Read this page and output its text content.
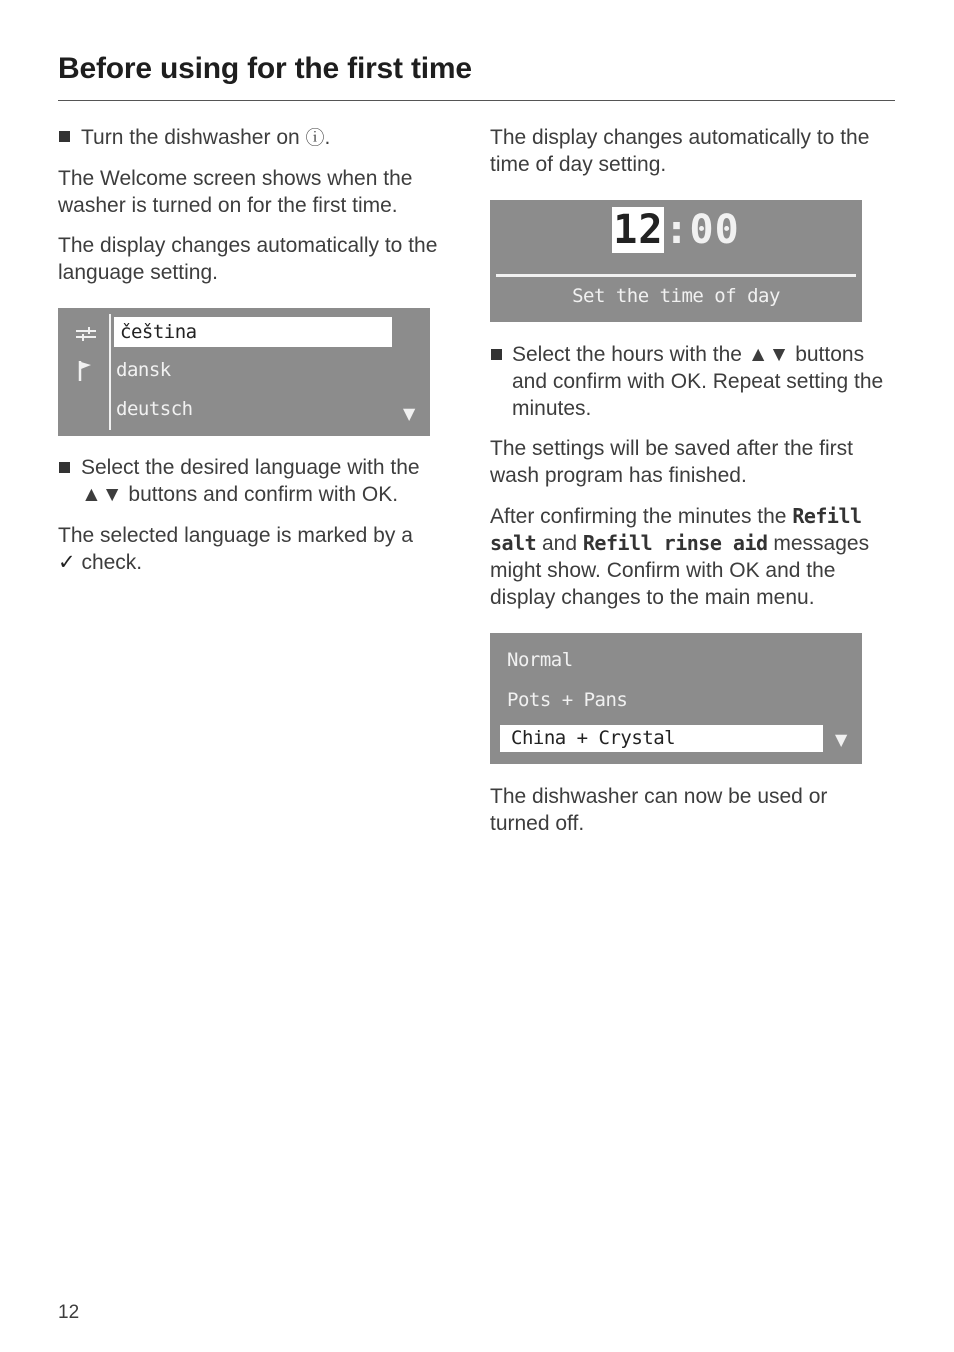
Before using for the first time

Turn the dishwasher on ⓘ.

The Welcome screen shows when the washer is turned on for the first time.

The display changes automatically to the language setting.

čeština
dansk
deutsch	▼

Select the desired language with the ▲▼ buttons and confirm with OK.

The selected language is marked by a
✓ check.

The display changes automatically to the time of day setting.

12:00
Set the time of day

Select the hours with the ▲▼ buttons and confirm with OK. Repeat setting the minutes.

The settings will be saved after the first wash program has finished.

After confirming the minutes the Refill
salt and Refill rinse aid messages
might show. Confirm with OK and the display changes to the main menu.

Normal
Pots + Pans
China + Crystal	▼

The dishwasher can now be used or turned off.

12
